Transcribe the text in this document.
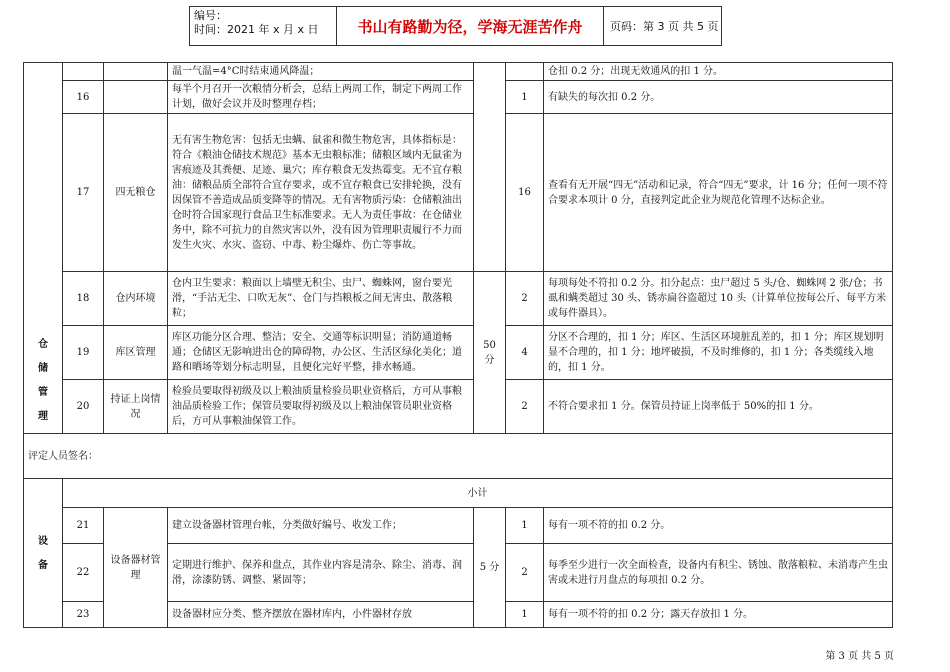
编号：
时间：2021 年 x 月 x 日	书山有路勤为径，学海无涯苦作舟	页码：第 3 页 共 5 页
仓
储
管
理			温一气温=4°C时结束通风降温；			仓扣 0.2 分；出现无效通风的扣 1 分。
	16		每半个月召开一次粮情分析会，总结上两周工作，制定下两周工作计划，做好会议并及时整理存档；		1	有缺失的每次扣 0.2 分。
	17	四无粮仓	无有害生物危害：包括无虫螨、鼠雀和微生物危害，具体指标是：符合《粮油仓储技术规范》基本无虫粮标准；储粮区域内无鼠雀为害痕迹及其粪便、足迹、巢穴；库存粮食无发热霉变。无不宜存粮油：储粮品质全部符合宜存要求，或不宜存粮食已安排轮换，没有因保管不善造成品质变降等的情况。无有害物质污染：仓储粮油出仓时符合国家现行食品卫生标准要求。无人为责任事故：在仓储业务中，除不可抗力的自然灾害以外，没有因为管理职责履行不力而发生火灾、水灾、盗窃、中毒、粉尘爆炸、伤亡等事故。		16	查看有无开展“四无”活动和记录，符合“四无”要求，计 16 分；任何一项不符合要求本项计 0 分，直接判定此企业为规范化管理不达标企业。
	18	仓内环境	仓内卫生要求：粮面以上墙壁无积尘、虫尸、蜘蛛网，窗台要光滑，“手沾无尘、口吹无灰”、仓门与挡粮板之间无害虫、散落粮粒；	50 分	2	每项每处不符扣 0.2 分。扣分起点：虫尸超过 5 头/仓、蜘蛛网 2 张/仓；书虱和螨类超过 30 头、锈赤扁谷盗超过 10 头（计算单位按每公斤、每平方米或每件器具）。
	19	库区管理	库区功能分区合理、整洁；安全、交通等标识明显；消防通道畅通；仓储区无影响进出仓的障碍物，办公区、生活区绿化美化；道路和晒场等划分标志明显，且便化完好平整，排水畅通。		4	分区不合理的，扣 1 分；库区、生活区环境脏乱差的，扣 1 分；库区规划明显不合理的，扣 1 分；地坪破损，不及时维修的，扣 1 分；各类缆线入地的，扣 1 分。
	20	持证上岗情况	检验员要取得初级及以上粮油质量检验员职业资格后，方可从事粮油品质检验工作；保管员要取得初级及以上粮油保管员职业资格后，方可从事粮油保管工作。		2	不符合要求扣 1 分。保管员持证上岗率低于 50%的扣 1 分。
评定人员签名：						

设
备	小计					
	21	设备器材管理	建立设备器材管理台帐，分类做好编号、收发工作；	5 分	1	每有一项不符的扣 0.2 分。
	22		定期进行维护、保养和盘点，其作业内容是清杂、除尘、消毒、润滑，涂漆防锈、调整、紧固等；		2	每季至少进行一次全面检查，设备内有积尘、锈蚀、散落粮粒、未消毒产生虫害或未进行月盘点的每项扣 0.2 分。
	23		设备器材应分类、整齐摆放在器材库内，小件器材存放		1	每有一项不符的扣 0.2 分；露天存放扣 1 分。
第 3 页 共 5 页
